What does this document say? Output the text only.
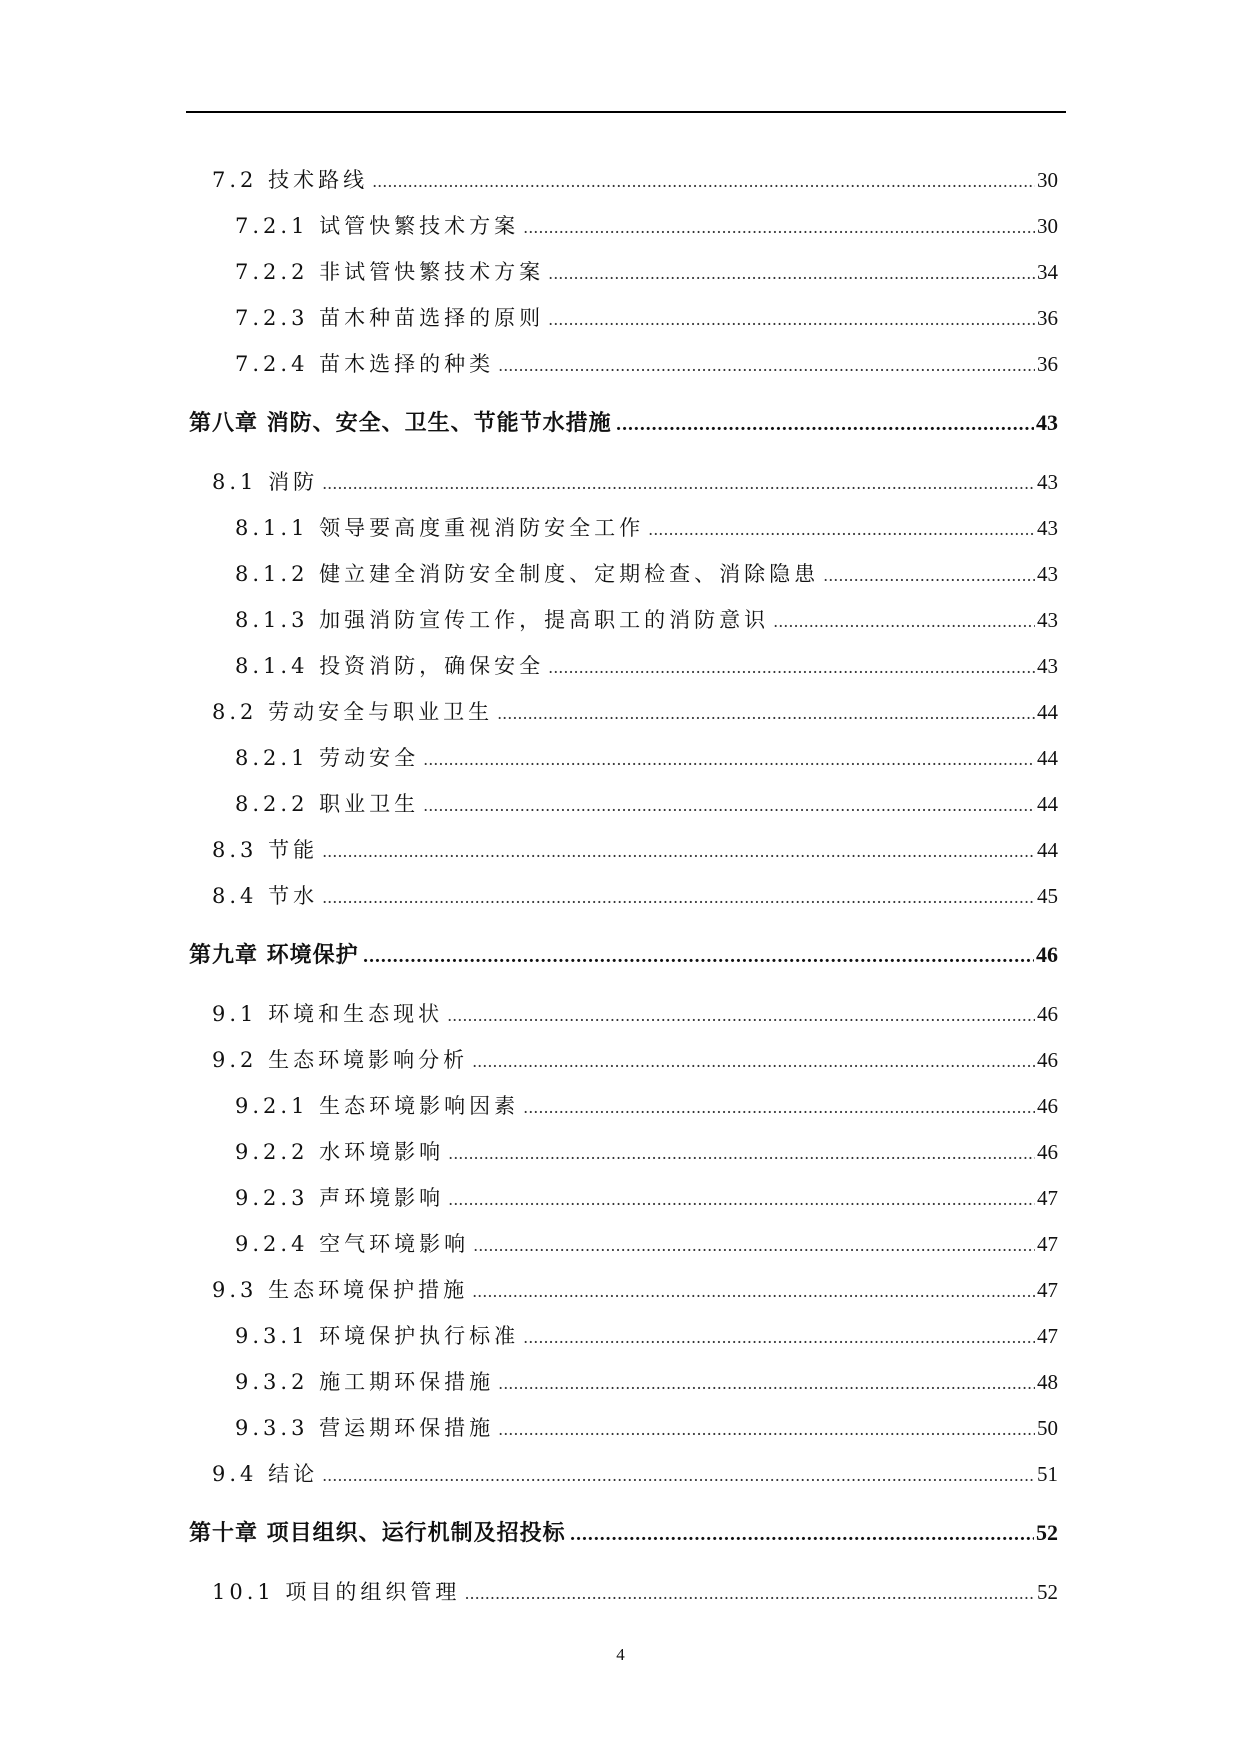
7.2 技术路线 .....	30
7.2.1 试管快繁技术方案 .....	30
7.2.2 非试管快繁技术方案 .....	34
7.2.3 苗木种苗选择的原则 .....	36
7.2.4 苗木选择的种类 .....	36
第八章 消防、安全、卫生、节能节水措施 .....	43
8.1 消防 .....	43
8.1.1 领导要高度重视消防安全工作 .....	43
8.1.2 健立建全消防安全制度、定期检查、消除隐患 .....	43
8.1.3 加强消防宣传工作，提高职工的消防意识 .....	43
8.1.4 投资消防，确保安全 .....	43
8.2 劳动安全与职业卫生 .....	44
8.2.1 劳动安全 .....	44
8.2.2 职业卫生 .....	44
8.3 节能 .....	44
8.4 节水 .....	45
第九章 环境保护 .....	46
9.1 环境和生态现状 .....	46
9.2 生态环境影响分析 .....	46
9.2.1 生态环境影响因素 .....	46
9.2.2 水环境影响 .....	46
9.2.3 声环境影响 .....	47
9.2.4 空气环境影响 .....	47
9.3 生态环境保护措施 .....	47
9.3.1 环境保护执行标准 .....	47
9.3.2 施工期环保措施 .....	48
9.3.3 营运期环保措施 .....	50
9.4 结论 .....	51
第十章 项目组织、运行机制及招投标 .....	52
10.1 项目的组织管理 .....	52
4
